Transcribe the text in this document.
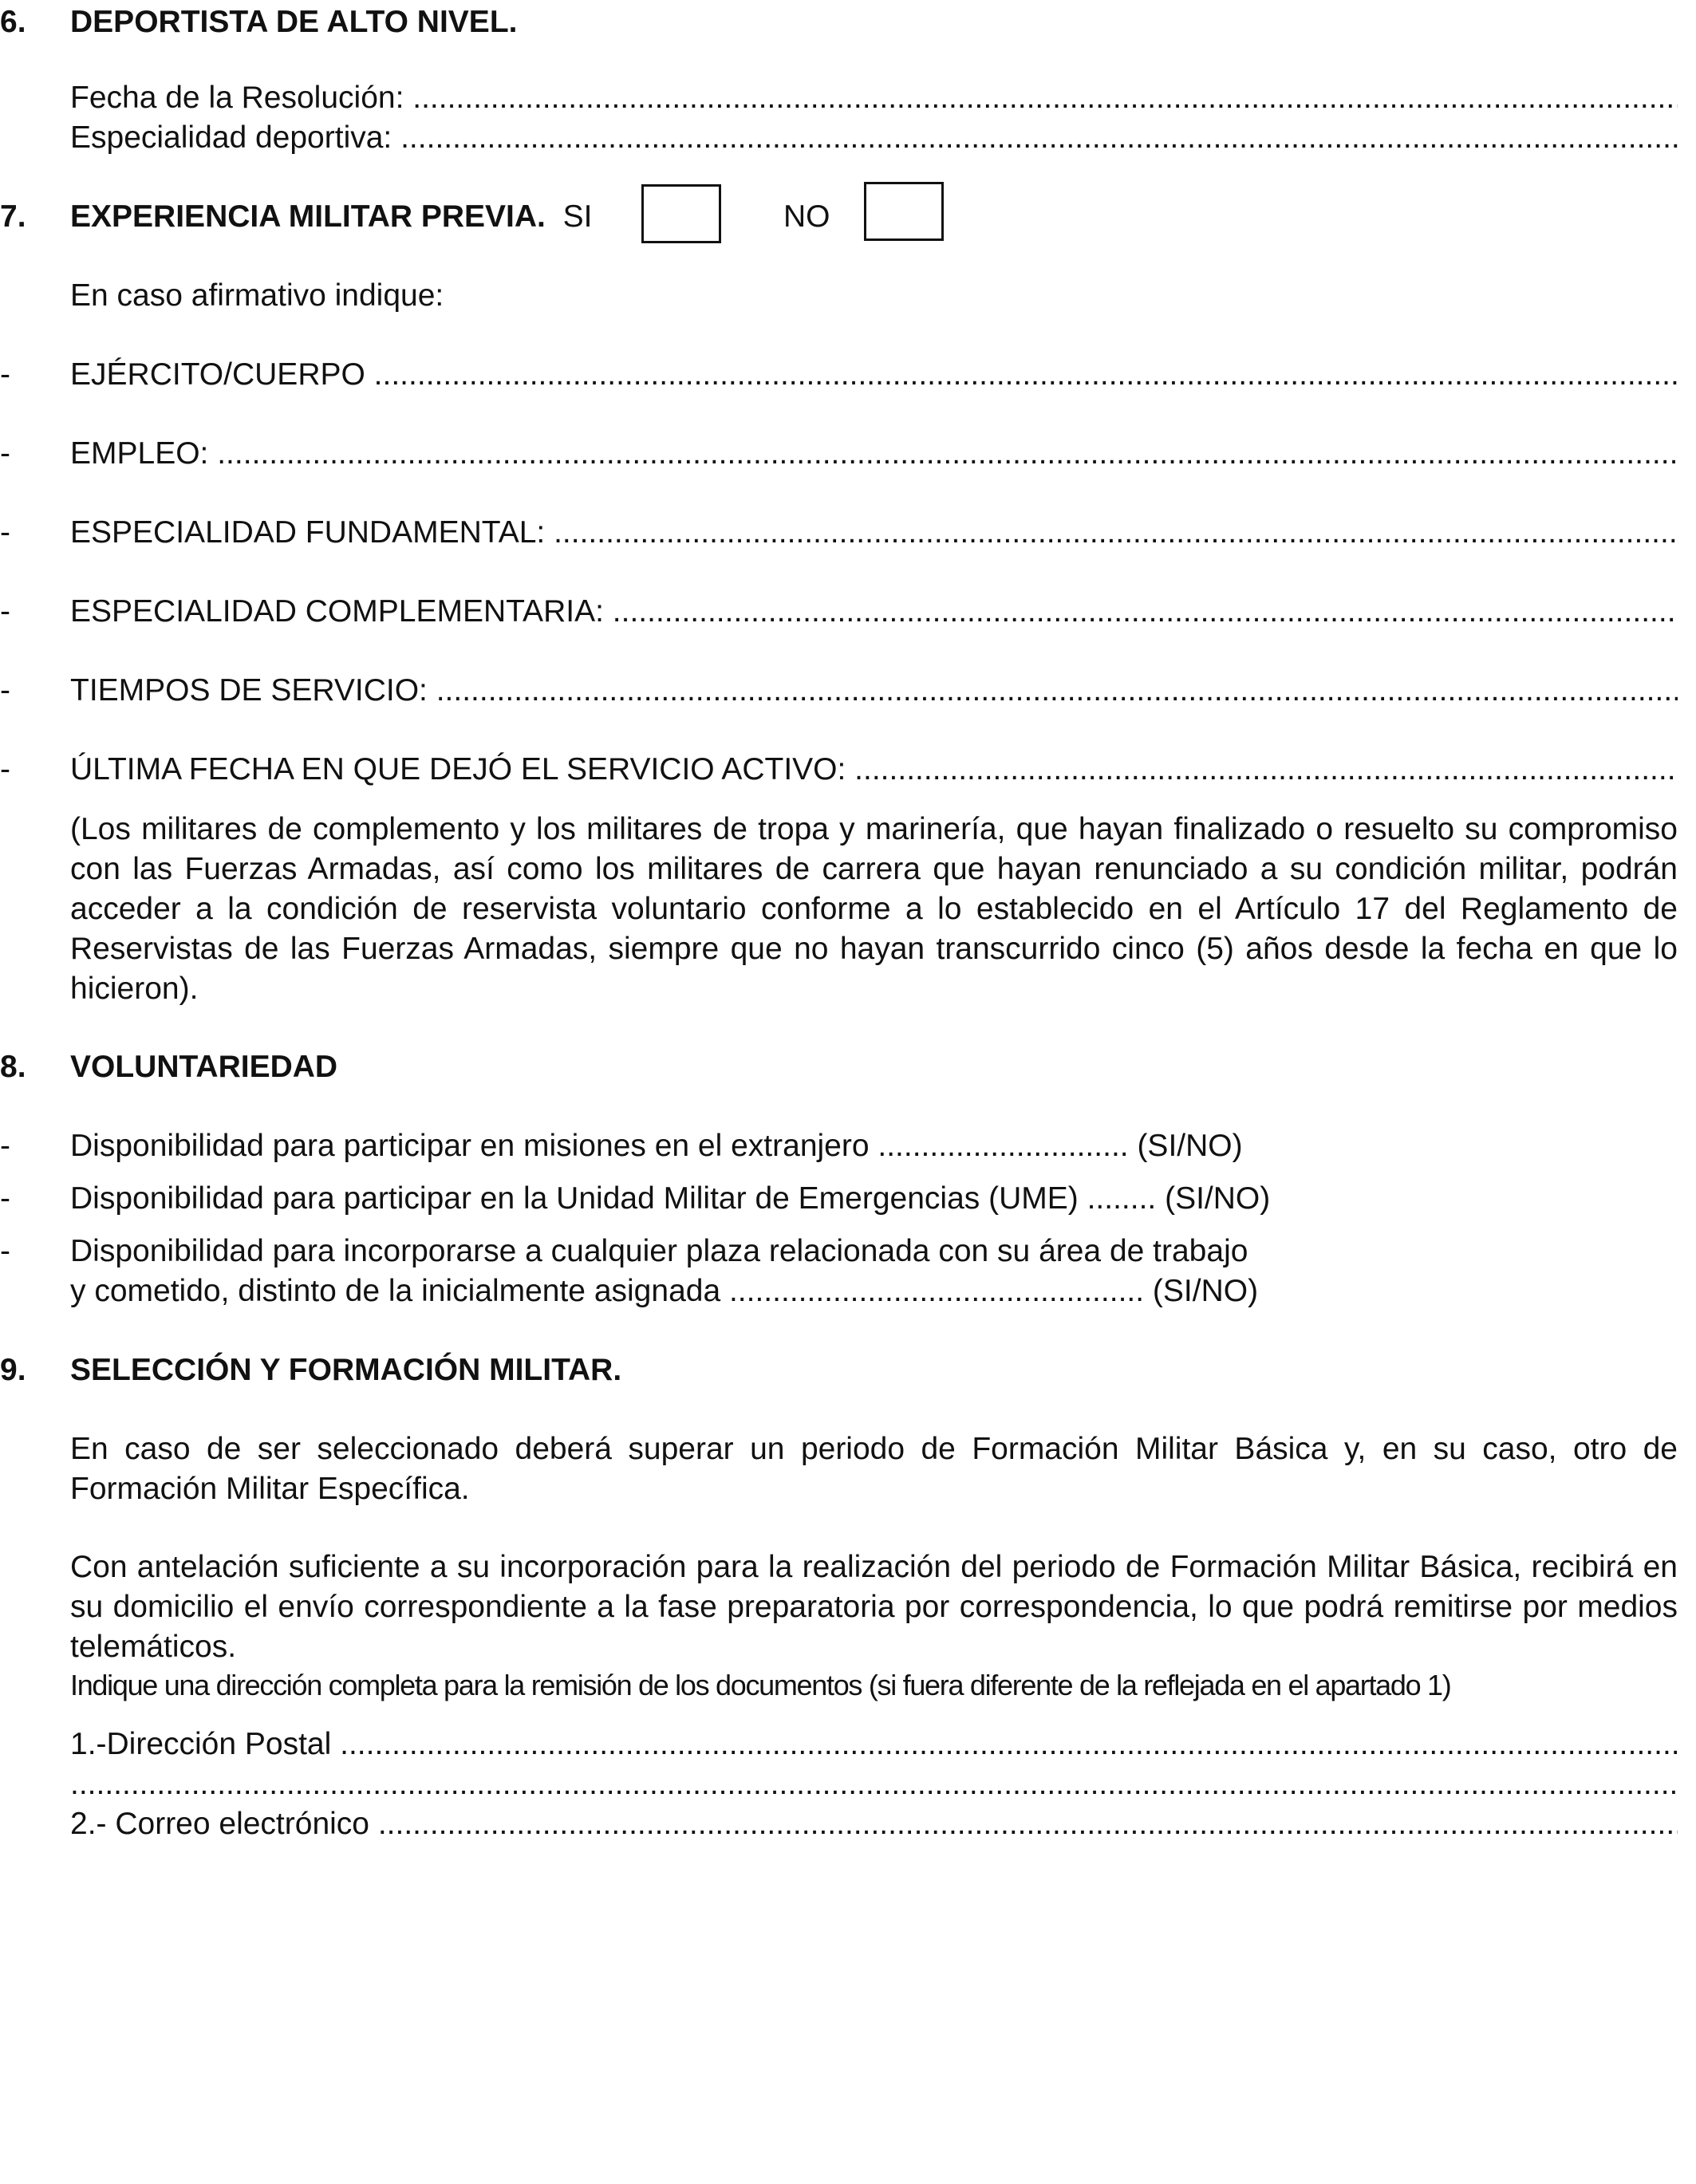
6. DEPORTISTA DE ALTO NIVEL.
Fecha de la Resolución: .....
Especialidad deportiva: .....
7. EXPERIENCIA MILITAR PREVIA. SI	NO
En caso afirmativo indique:
- EJÉRCITO/CUERPO .....
- EMPLEO: .....
- ESPECIALIDAD FUNDAMENTAL: .....
- ESPECIALIDAD COMPLEMENTARIA: .....
- TIEMPOS DE SERVICIO: .....
- ÚLTIMA FECHA EN QUE DEJÓ EL SERVICIO ACTIVO: .....
(Los militares de complemento y los militares de tropa y marinería, que hayan finalizado o resuelto su compromiso con las Fuerzas Armadas, así como los militares de carrera que hayan renunciado a su condición militar, podrán acceder a la condición de reservista voluntario conforme a lo establecido en el Artículo 17 del Reglamento de Reservistas de las Fuerzas Armadas, siempre que no hayan transcurrido cinco (5) años desde la fecha en que lo hicieron).
8. VOLUNTARIEDAD
- Disponibilidad para participar en misiones en el extranjero ............................. (SI/NO)
- Disponibilidad para participar en la Unidad Militar de Emergencias (UME) ........ (SI/NO)
- Disponibilidad para incorporarse a cualquier plaza relacionada con su área de trabajo
y cometido, distinto de la inicialmente asignada ................................................ (SI/NO)
9. SELECCIÓN Y FORMACIÓN MILITAR.
En caso de ser seleccionado deberá superar un periodo de Formación Militar Básica y, en su caso, otro de Formación Militar Específica.
Con antelación suficiente a su incorporación para la realización del periodo de Formación Militar Básica, recibirá en su domicilio el envío correspondiente a la fase preparatoria por correspondencia, lo que podrá remitirse por medios telemáticos.
Indique una dirección completa para la remisión de los documentos (si fuera diferente de la reflejada en el apartado 1)
1.-Dirección Postal .....
.....
2.- Correo electrónico .....
